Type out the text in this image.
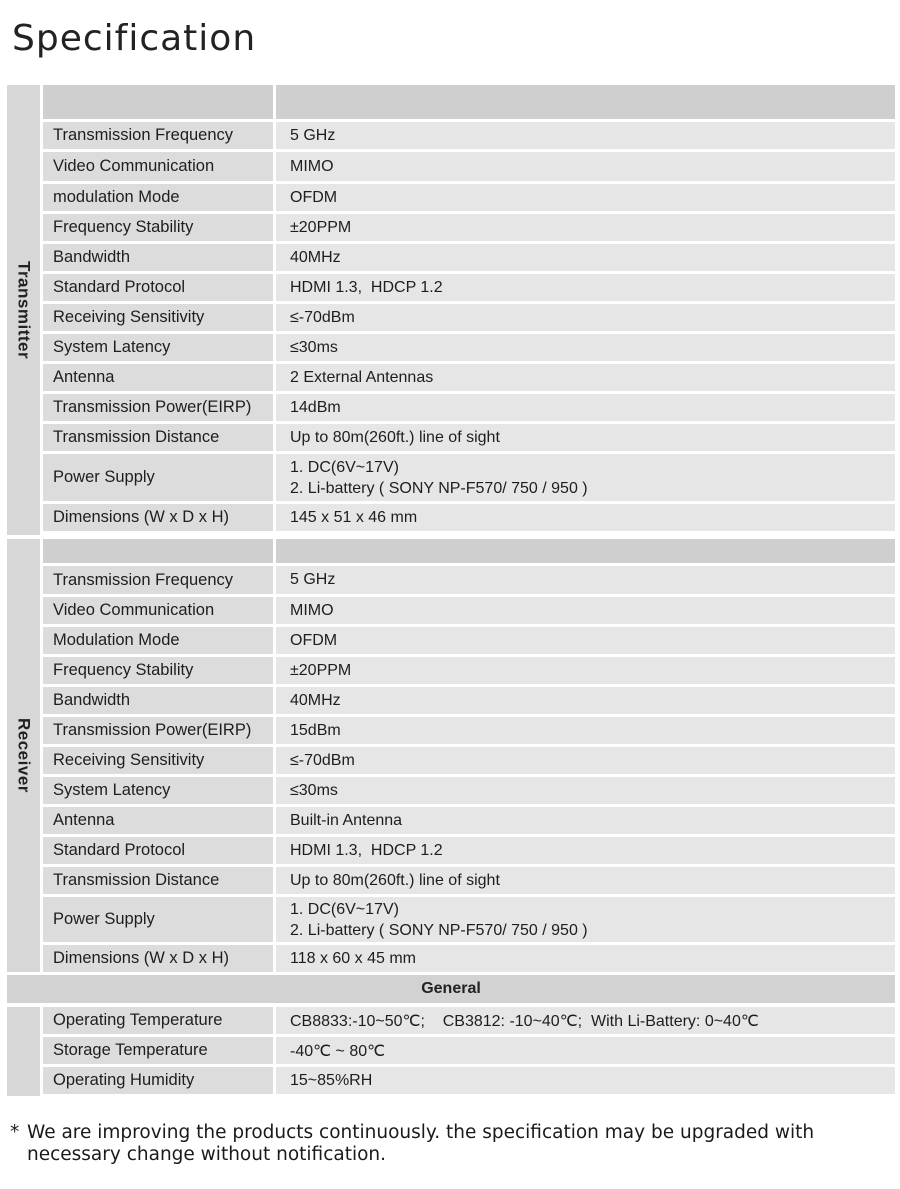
Specification
Transmitter
Transmission Frequency	5 GHz
Video Communication	MIMO
modulation Mode	OFDM
Frequency Stability	±20PPM
Bandwidth	40MHz
Standard Protocol	HDMI 1.3,  HDCP 1.2
Receiving Sensitivity	≤-70dBm
System Latency	≤30ms
Antenna	2 External Antennas
Transmission Power(EIRP)	14dBm
Transmission Distance	Up to 80m(260ft.) line of sight
Power Supply
1. DC(6V~17V)
2. Li-battery ( SONY NP-F570/ 750 / 950 )
Dimensions (W x D x H)	145 x 51 x 46 mm
Receiver
Transmission Frequency	5 GHz
Video Communication	MIMO
Modulation Mode	OFDM
Frequency Stability	±20PPM
Bandwidth	40MHz
Transmission Power(EIRP)	15dBm
Receiving Sensitivity	≤-70dBm
System Latency	≤30ms
Antenna	Built-in Antenna
Standard Protocol	HDMI 1.3,  HDCP 1.2
Transmission Distance	Up to 80m(260ft.) line of sight
Power Supply
1. DC(6V~17V)
2. Li-battery ( SONY NP-F570/ 750 / 950 )
Dimensions (W x D x H)	118 x 60 x 45 mm
General
Operating Temperature	CB8833:-10~50℃;    CB3812: -10~40℃;  With Li-Battery: 0~40℃
Storage Temperature	-40℃ ~ 80℃
Operating Humidity	15~85%RH
* We are improving the products continuously. the specification may be upgraded with
necessary change without notification.
